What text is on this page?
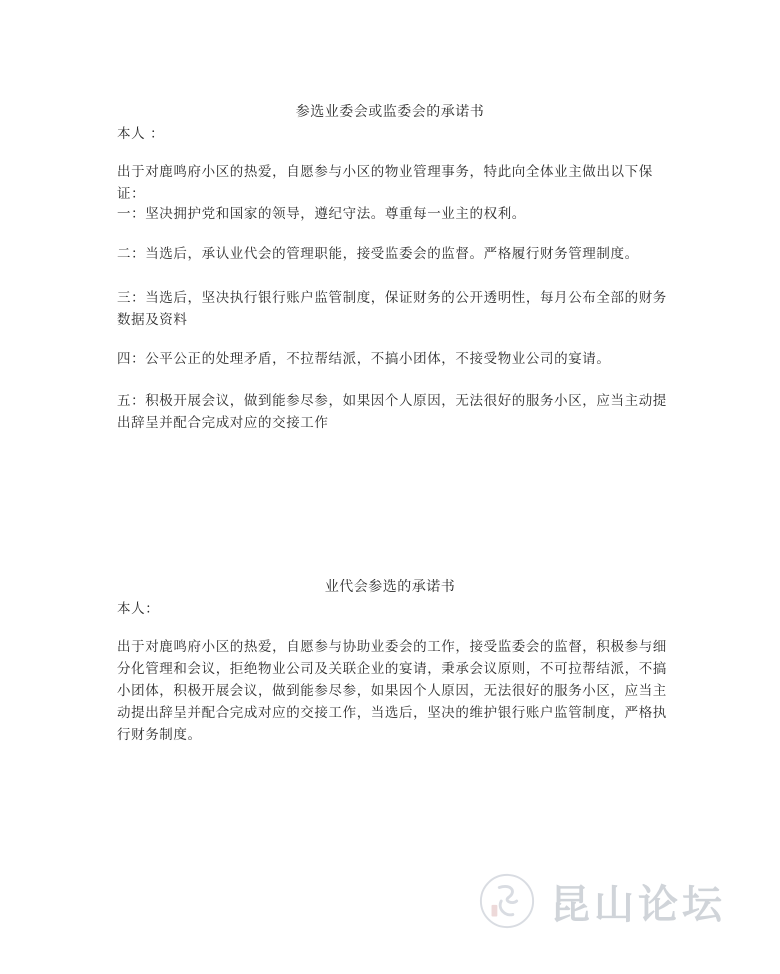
参选业委会或监委会的承诺书

本人 ：

出于对鹿鸣府小区的热爱，自愿参与小区的物业管理事务，特此向全体业主做出以下保证：

一：坚决拥护党和国家的领导，遵纪守法。尊重每一业主的权利。

二：当选后，承认业代会的管理职能，接受监委会的监督。严格履行财务管理制度。

三：当选后，坚决执行银行账户监管制度，保证财务的公开透明性，每月公布全部的财务数据及资料

四：公平公正的处理矛盾，不拉帮结派，不搞小团体，不接受物业公司的宴请。

五：积极开展会议，做到能参尽参，如果因个人原因，无法很好的服务小区，应当主动提出辞呈并配合完成对应的交接工作

业代会参选的承诺书

本人：

出于对鹿鸣府小区的热爱，自愿参与协助业委会的工作，接受监委会的监督，积极参与细分化管理和会议，拒绝物业公司及关联企业的宴请，秉承会议原则，不可拉帮结派，不搞小团体，积极开展会议，做到能参尽参，如果因个人原因，无法很好的服务小区，应当主动提出辞呈并配合完成对应的交接工作，当选后，坚决的维护银行账户监管制度，严格执行财务制度。

昆山论坛
